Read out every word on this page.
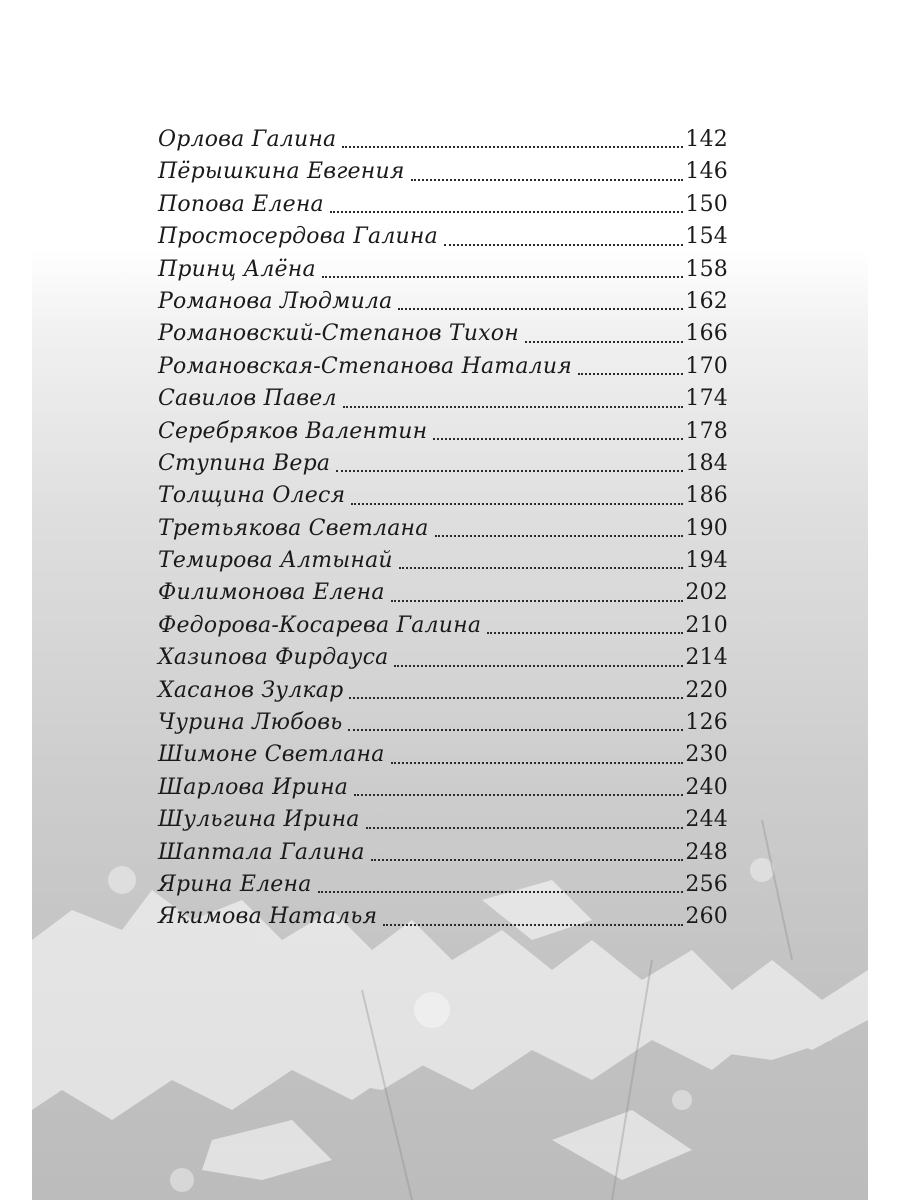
Орлова Галина	142
Пёрышкина Евгения	146
Попова Елена	150
Простосердова Галина	154
Принц Алёна	158
Романова Людмила	162
Романовский-Степанов Тихон	166
Романовская-Степанова Наталия	170
Савилов Павел	174
Серебряков Валентин	178
Ступина Вера	184
Толщина Олеся	186
Третьякова Светлана	190
Темирова Алтынай	194
Филимонова Елена	202
Федорова-Косарева Галина	210
Хазипова Фирдауса	214
Хасанов Зулкар	220
Чурина Любовь	126
Шимоне Светлана	230
Шарлова Ирина	240
Шульгина Ирина	244
Шаптала Галина	248
Ярина Елена	256
Якимова Наталья	260
